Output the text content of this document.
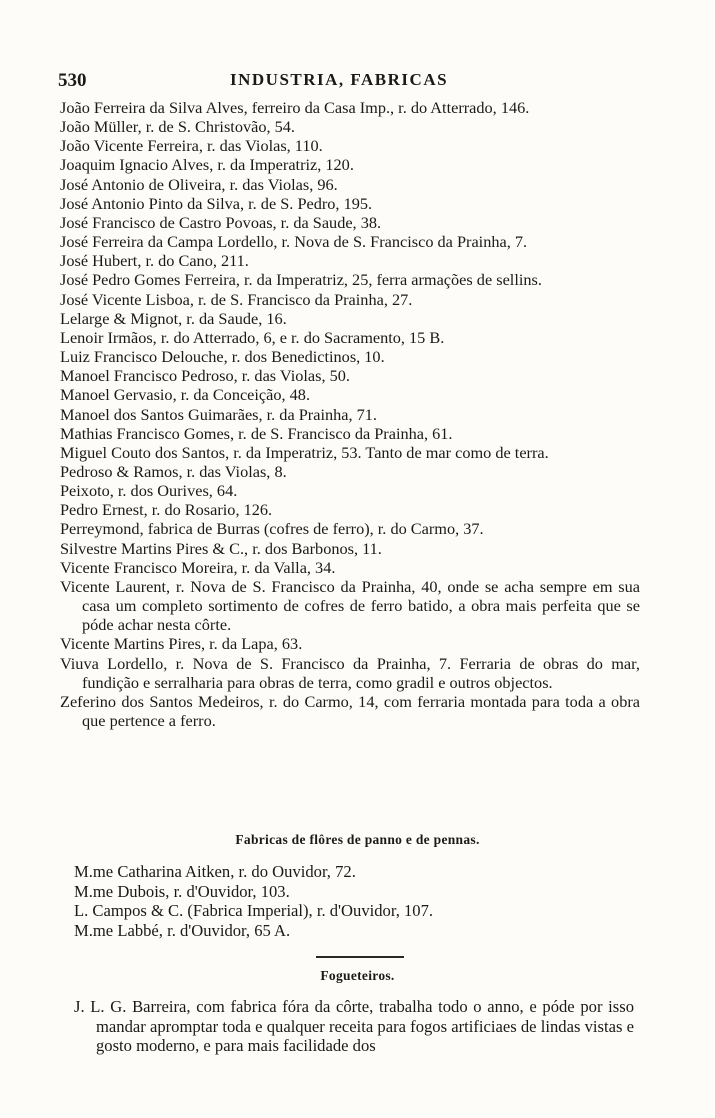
530	INDUSTRIA, FABRICAS
João Ferreira da Silva Alves, ferreiro da Casa Imp., r. do Atterrado, 146.
João Müller, r. de S. Christovão, 54.
João Vicente Ferreira, r. das Violas, 110.
Joaquim Ignacio Alves, r. da Imperatriz, 120.
José Antonio de Oliveira, r. das Violas, 96.
José Antonio Pinto da Silva, r. de S. Pedro, 195.
José Francisco de Castro Povoas, r. da Saude, 38.
José Ferreira da Campa Lordello, r. Nova de S. Francisco da Prainha, 7.
José Hubert, r. do Cano, 211.
José Pedro Gomes Ferreira, r. da Imperatriz, 25, ferra armações de sellins.
José Vicente Lisboa, r. de S. Francisco da Prainha, 27.
Lelarge & Mignot, r. da Saude, 16.
Lenoir Irmãos, r. do Atterrado, 6, e r. do Sacramento, 15 B.
Luiz Francisco Delouche, r. dos Benedictinos, 10.
Manoel Francisco Pedroso, r. das Violas, 50.
Manoel Gervasio, r. da Conceição, 48.
Manoel dos Santos Guimarães, r. da Prainha, 71.
Mathias Francisco Gomes, r. de S. Francisco da Prainha, 61.
Miguel Couto dos Santos, r. da Imperatriz, 53. Tanto de mar como de terra.
Pedroso & Ramos, r. das Violas, 8.
Peixoto, r. dos Ourives, 64.
Pedro Ernest, r. do Rosario, 126.
Perreymond, fabrica de Burras (cofres de ferro), r. do Carmo, 37.
Silvestre Martins Pires & C., r. dos Barbonos, 11.
Vicente Francisco Moreira, r. da Valla, 34.
Vicente Laurent, r. Nova de S. Francisco da Prainha, 40, onde se acha sempre em sua casa um completo sortimento de cofres de ferro batido, a obra mais perfeita que se póde achar nesta côrte.
Vicente Martins Pires, r. da Lapa, 63.
Viuva Lordello, r. Nova de S. Francisco da Prainha, 7. Ferraria de obras do mar, fundição e serralharia para obras de terra, como gradil e outros objectos.
Zeferino dos Santos Medeiros, r. do Carmo, 14, com ferraria montada para toda a obra que pertence a ferro.
Fabricas de flôres de panno e de pennas.
M.me Catharina Aitken, r. do Ouvidor, 72.
M.me Dubois, r. d'Ouvidor, 103.
L. Campos & C. (Fabrica Imperial), r. d'Ouvidor, 107.
M.me Labbé, r. d'Ouvidor, 65 A.
Fogueteiros.
J. L. G. Barreira, com fabrica fóra da côrte, trabalha todo o anno, e póde por isso mandar apromptar toda e qualquer receita para fogos artificiaes de lindas vistas e gosto moderno, e para mais facilidade dos
